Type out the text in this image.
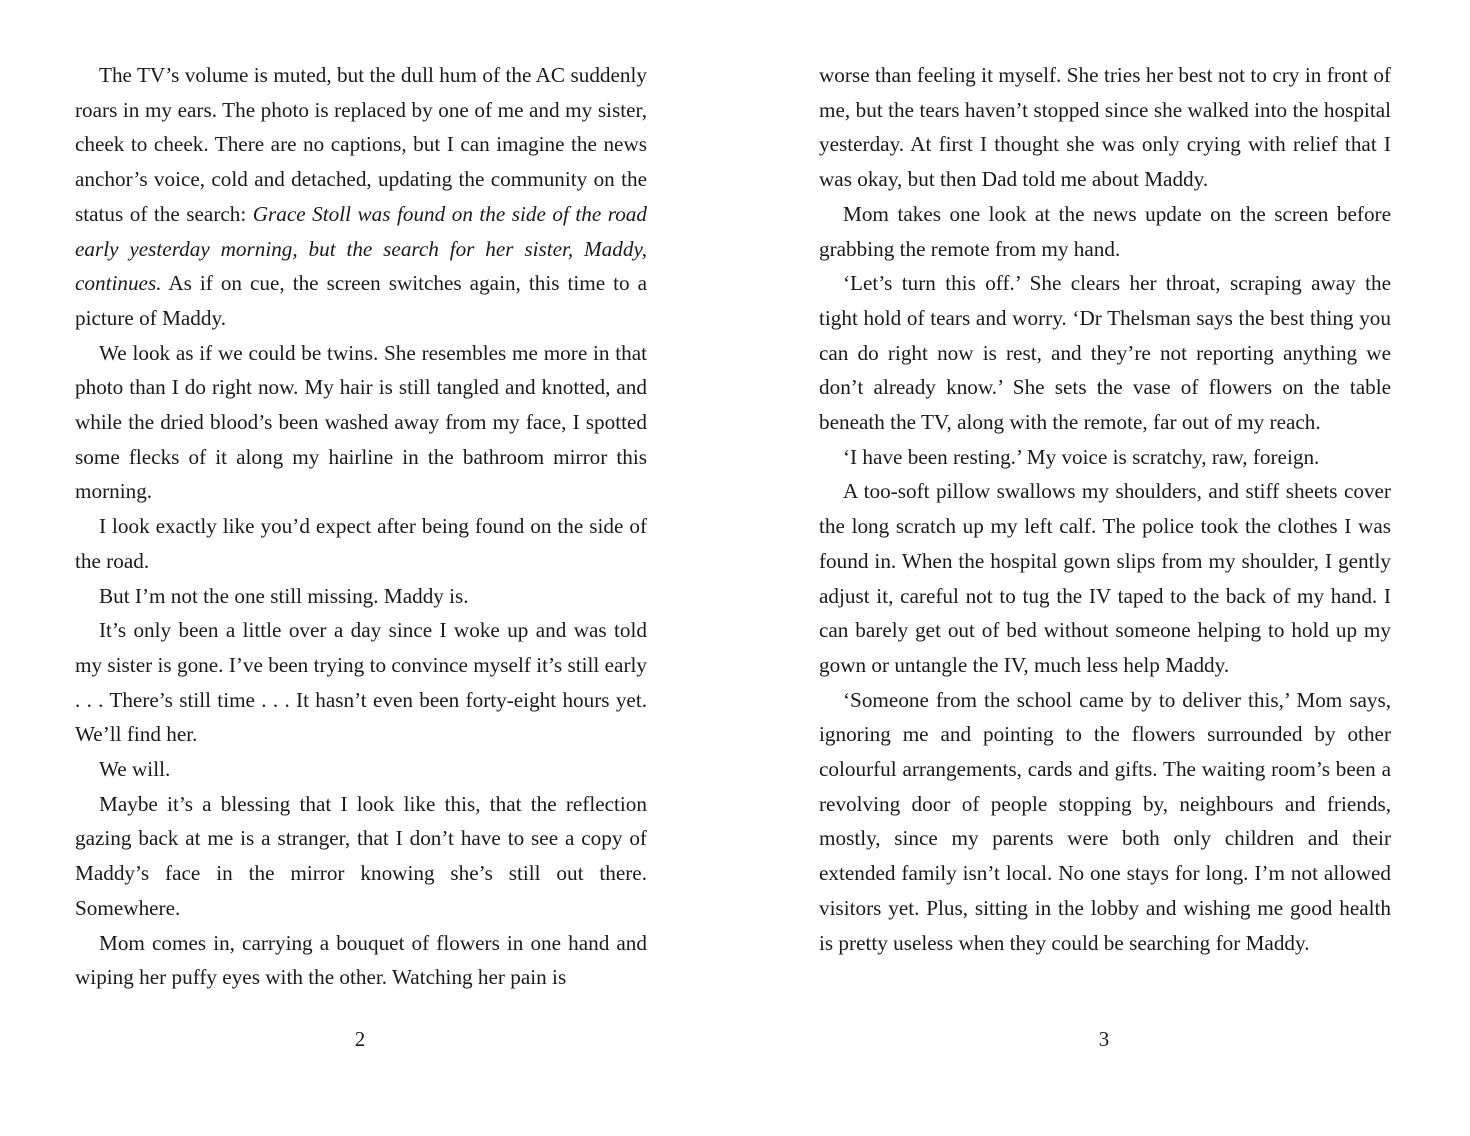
The TV’s volume is muted, but the dull hum of the AC suddenly roars in my ears. The photo is replaced by one of me and my sister, cheek to cheek. There are no captions, but I can imagine the news anchor’s voice, cold and detached, updating the community on the status of the search: Grace Stoll was found on the side of the road early yesterday morning, but the search for her sister, Maddy, continues. As if on cue, the screen switches again, this time to a picture of Maddy.

We look as if we could be twins. She resembles me more in that photo than I do right now. My hair is still tangled and knotted, and while the dried blood’s been washed away from my face, I spotted some flecks of it along my hairline in the bathroom mirror this morning.

I look exactly like you’d expect after being found on the side of the road.

But I’m not the one still missing. Maddy is.

It’s only been a little over a day since I woke up and was told my sister is gone. I’ve been trying to convince myself it’s still early . . . There’s still time . . . It hasn’t even been forty-eight hours yet. We’ll find her.

We will.

Maybe it’s a blessing that I look like this, that the reflection gazing back at me is a stranger, that I don’t have to see a copy of Maddy’s face in the mirror knowing she’s still out there. Somewhere.

Mom comes in, carrying a bouquet of flowers in one hand and wiping her puffy eyes with the other. Watching her pain is

worse than feeling it myself. She tries her best not to cry in front of me, but the tears haven’t stopped since she walked into the hospital yesterday. At first I thought she was only crying with relief that I was okay, but then Dad told me about Maddy.

Mom takes one look at the news update on the screen before grabbing the remote from my hand.

‘Let’s turn this off.’ She clears her throat, scraping away the tight hold of tears and worry. ‘Dr Thelsman says the best thing you can do right now is rest, and they’re not reporting anything we don’t already know.’ She sets the vase of flowers on the table beneath the TV, along with the remote, far out of my reach.

‘I have been resting.’ My voice is scratchy, raw, foreign.

A too-soft pillow swallows my shoulders, and stiff sheets cover the long scratch up my left calf. The police took the clothes I was found in. When the hospital gown slips from my shoulder, I gently adjust it, careful not to tug the IV taped to the back of my hand. I can barely get out of bed without someone helping to hold up my gown or untangle the IV, much less help Maddy.

‘Someone from the school came by to deliver this,’ Mom says, ignoring me and pointing to the flowers surrounded by other colourful arrangements, cards and gifts. The waiting room’s been a revolving door of people stopping by, neighbours and friends, mostly, since my parents were both only children and their extended family isn’t local. No one stays for long. I’m not allowed visitors yet. Plus, sitting in the lobby and wishing me good health is pretty useless when they could be searching for Maddy.

2	3
